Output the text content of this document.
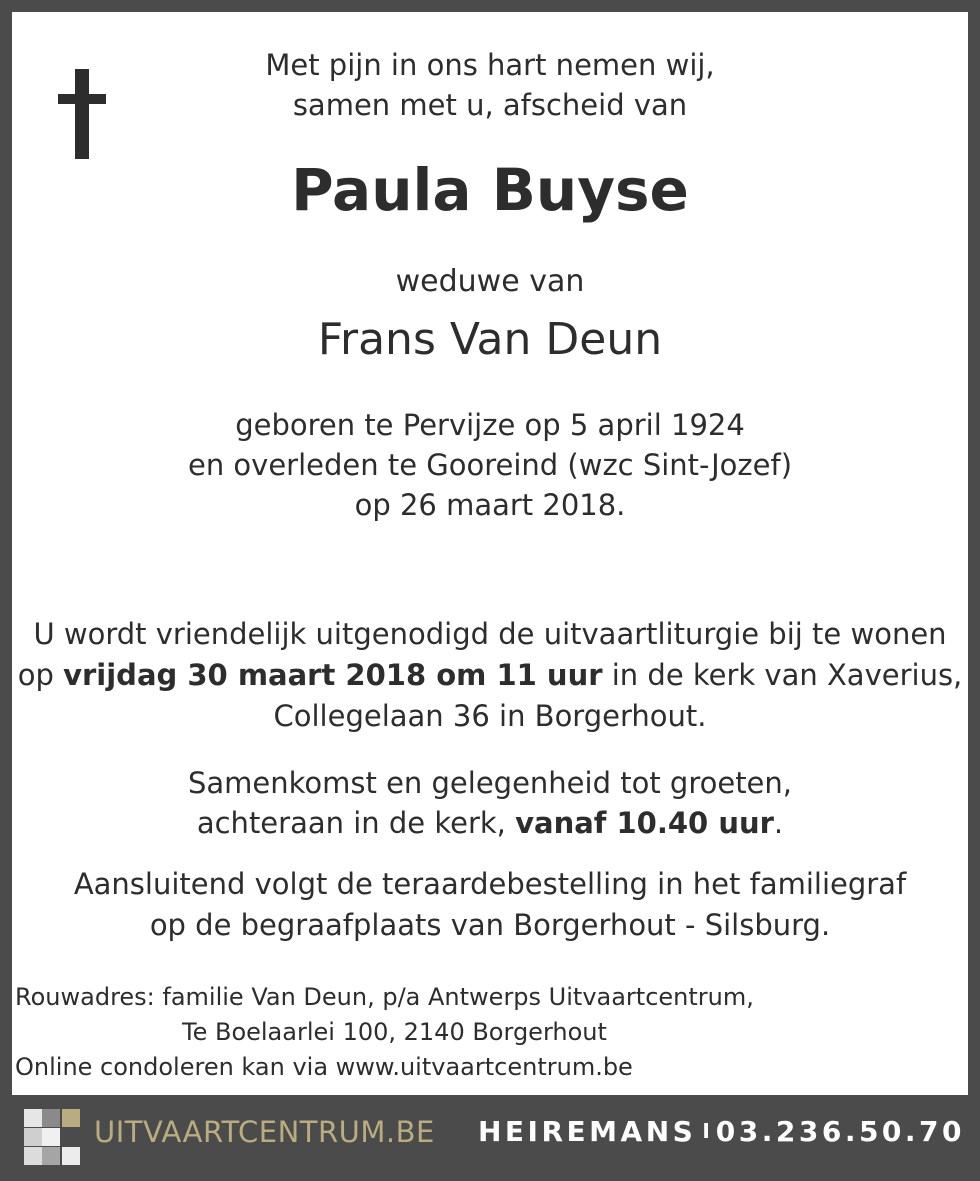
Met pijn in ons hart nemen wij,
samen met u, afscheid van
Paula Buyse
weduwe van
Frans Van Deun
geboren te Pervijze op 5 april 1924
en overleden te Gooreind (wzc Sint-Jozef)
op 26 maart 2018.
U wordt vriendelijk uitgenodigd de uitvaartliturgie bij te wonen
op vrijdag 30 maart 2018 om 11 uur in de kerk van Xaverius,
Collegelaan 36 in Borgerhout.
Samenkomst en gelegenheid tot groeten,
achteraan in de kerk, vanaf 10.40 uur.
Aansluitend volgt de teraardebestelling in het familiegraf
op de begraafplaats van Borgerhout - Silsburg.
Rouwadres: familie Van Deun, p/a Antwerps Uitvaartcentrum,
Te Boelaarlei 100, 2140 Borgerhout
Online condoleren kan via www.uitvaartcentrum.be
UITVAARTCENTRUM.BE HEIREMANS I 03.236.50.70
